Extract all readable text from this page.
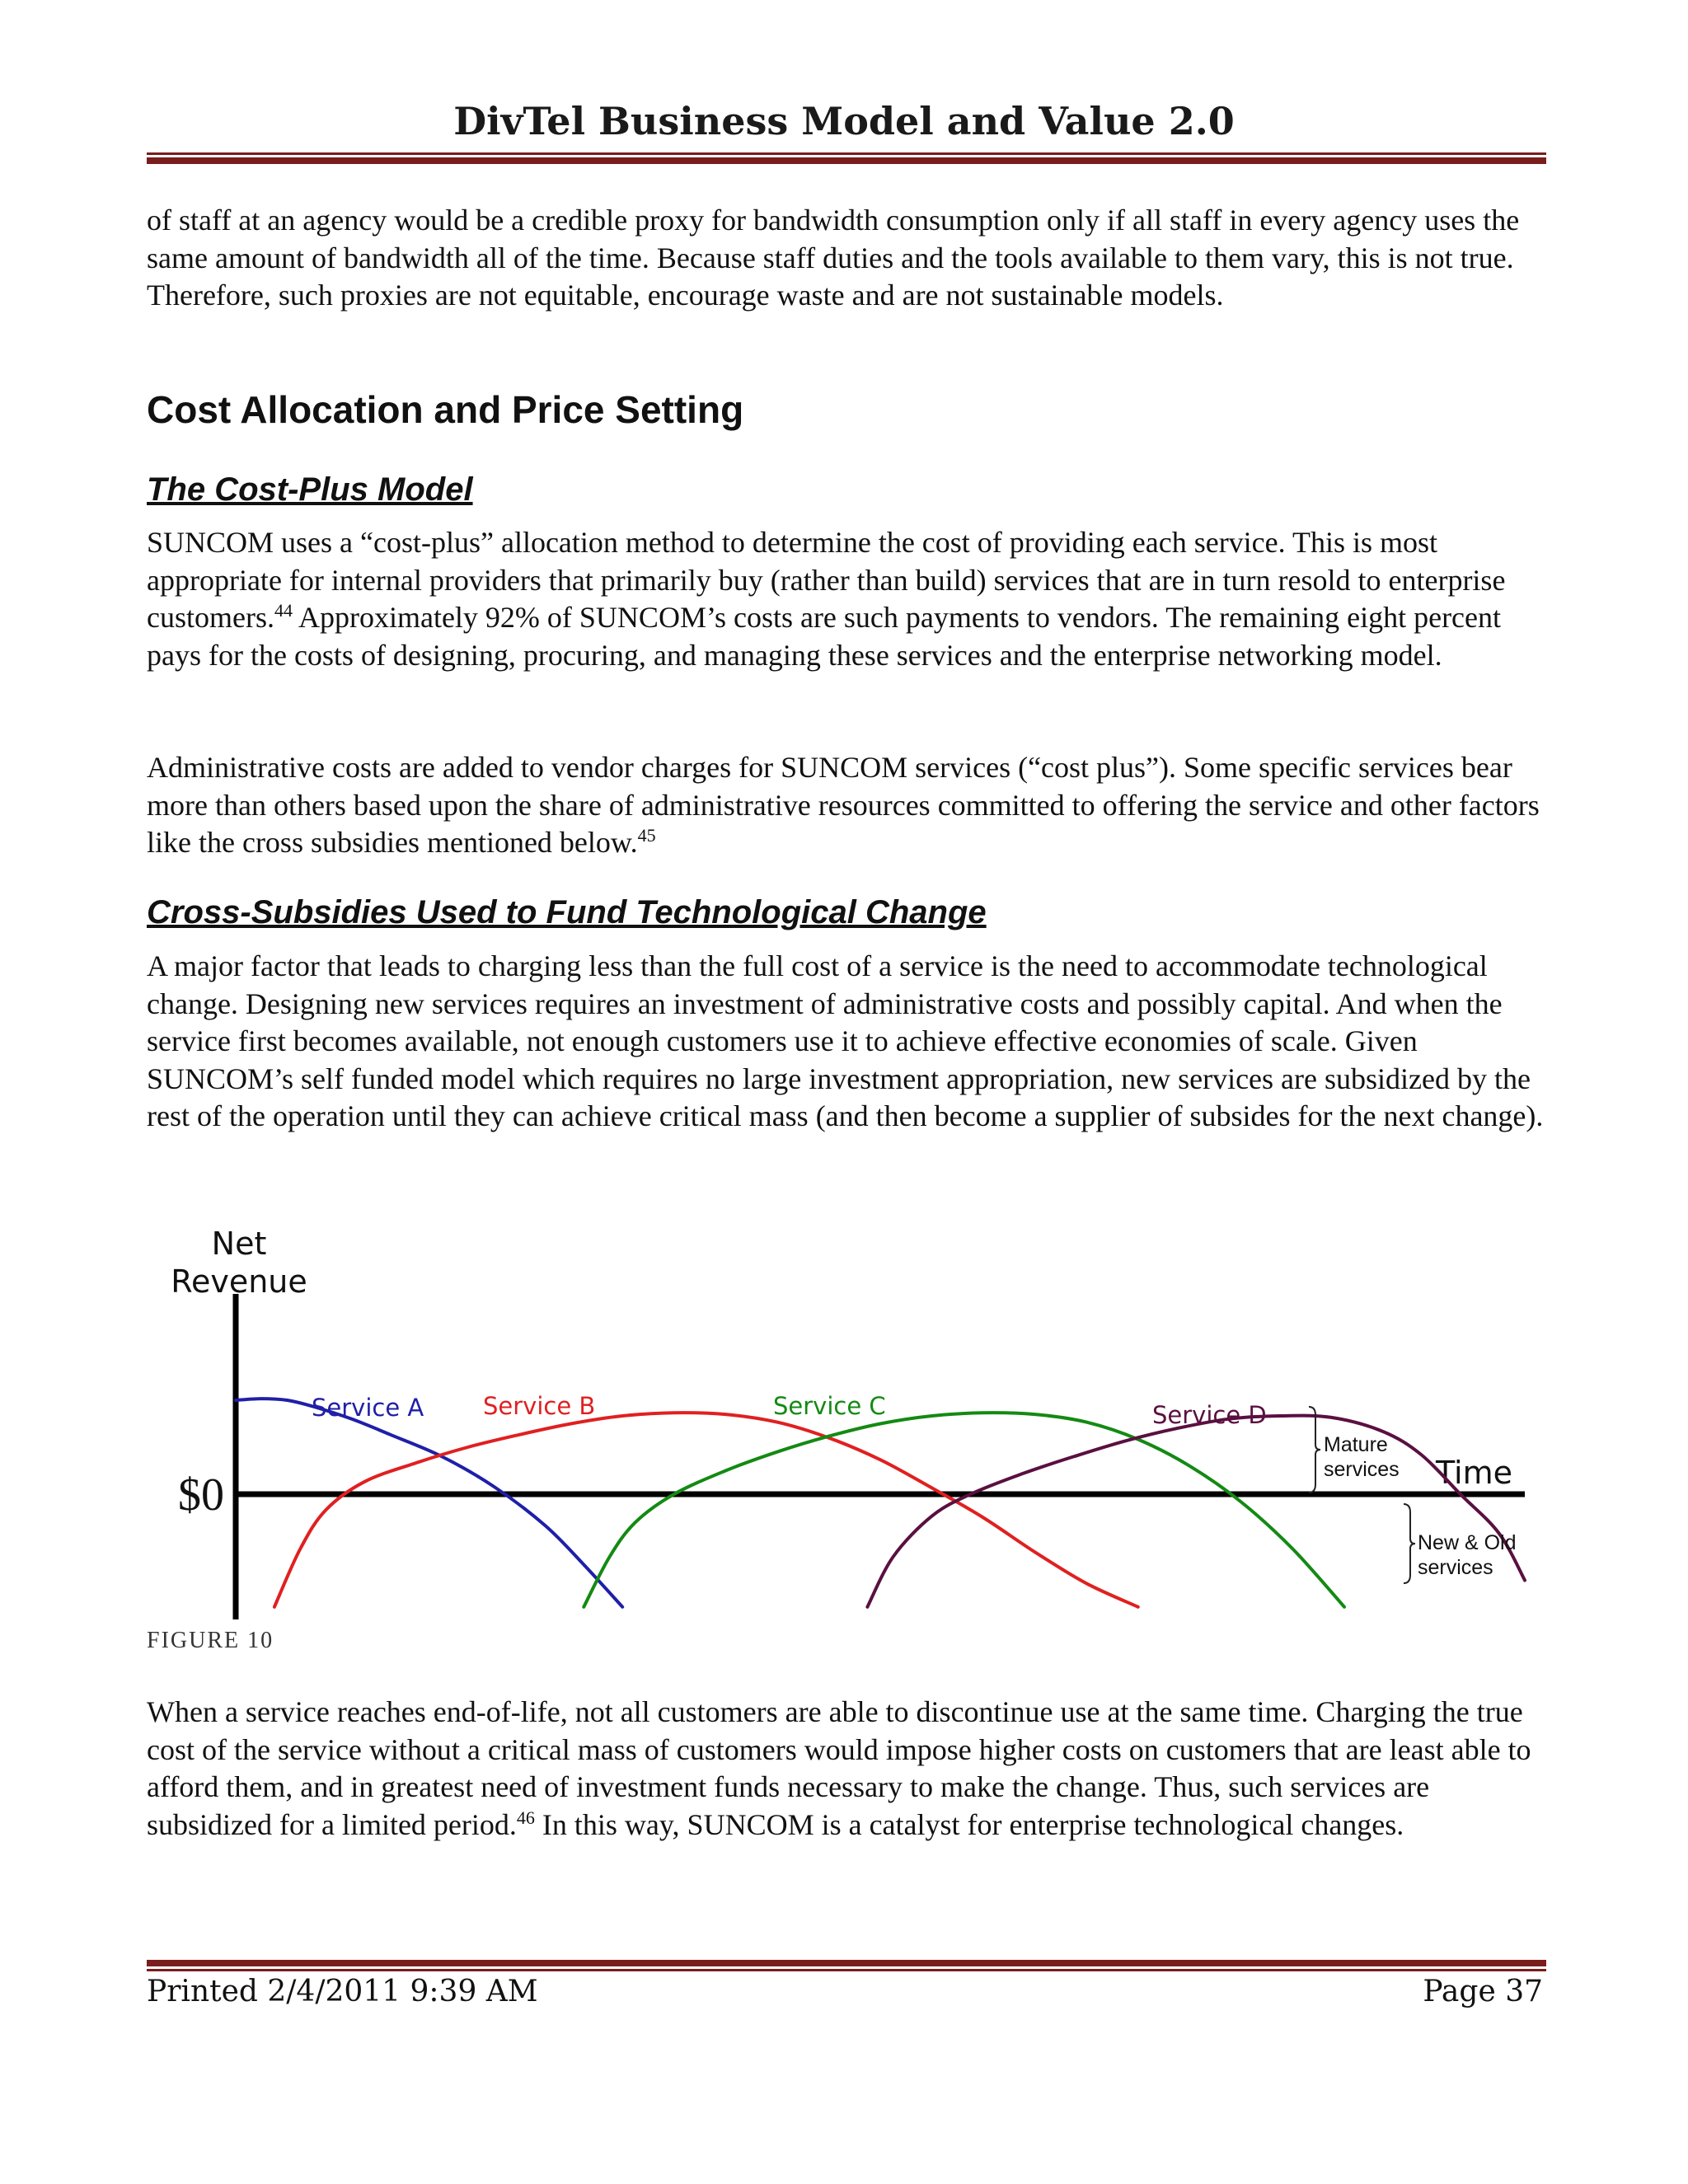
DivTel Business Model and Value 2.0

of staff at an agency would be a credible proxy for bandwidth consumption only if all staff in every agency uses the same amount of bandwidth all of the time. Because staff duties and the tools available to them vary, this is not true. Therefore, such proxies are not equitable, encourage waste and are not sustainable models.

Cost Allocation and Price Setting
The Cost-Plus Model

SUNCOM uses a “cost-plus” allocation method to determine the cost of providing each service. This is most appropriate for internal providers that primarily buy (rather than build) services that are in turn resold to enterprise customers.$^{44}$ Approximately 92% of SUNCOM’s costs are such payments to vendors. The remaining eight percent pays for the costs of designing, procuring, and managing these services and the enterprise networking model.

Administrative costs are added to vendor charges for SUNCOM services (“cost plus”). Some specific services bear more than others based upon the share of administrative resources committed to offering the service and other factors like the cross subsidies mentioned below.$^{45}$

Cross-Subsidies Used to Fund Technological Change

A major factor that leads to charging less than the full cost of a service is the need to accommodate technological change. Designing new services requires an investment of administrative costs and possibly capital. And when the service first becomes available, not enough customers use it to achieve effective economies of scale. Given SUNCOM’s self funded model which requires no large investment appropriation, new services are subsidized by the rest of the operation until they can achieve critical mass (and then become a supplier of subsides for the next change).

Net
Revenue
$0	Time
Service A Service B	Service C	Service D
Mature
services
New & Old
services

FIGURE 10

When a service reaches end-of-life, not all customers are able to discontinue use at the same time. Charging the true cost of the service without a critical mass of customers would impose higher costs on customers that are least able to afford them, and in greatest need of investment funds necessary to make the change. Thus, such services are subsidized for a limited period.$^{46}$ In this way, SUNCOM is a catalyst for enterprise technological changes.

Printed 2/4/2011 9:39 AM	Page 37
